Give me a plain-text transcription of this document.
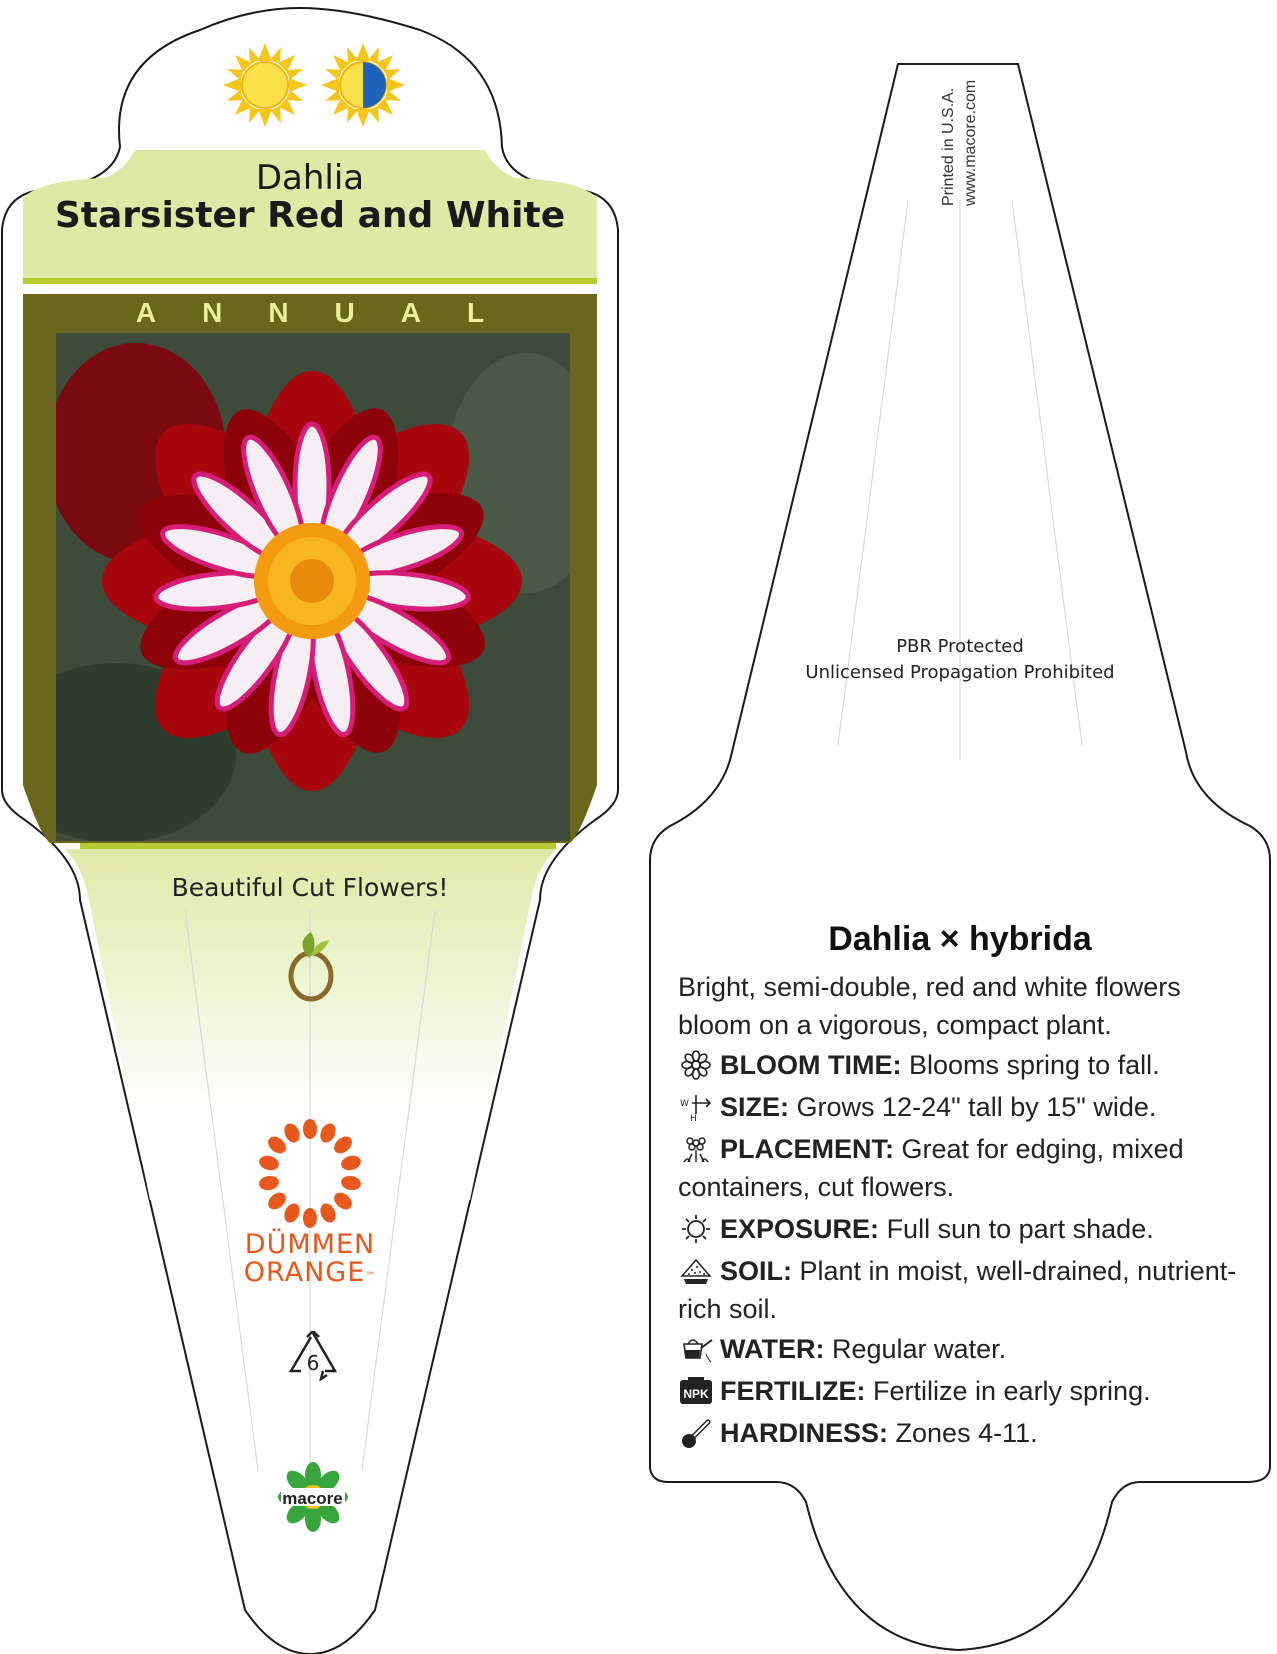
Dahlia
Starsister Red and White
ANNUAL
Beautiful Cut Flowers!
DÜMMEN
ORANGE™
6
macore
Printed in U.S.A. www.macore.com
PBR Protected
Unlicensed Propagation Prohibited
Dahlia × hybrida
Bright, semi-double, red and white flowers bloom on a vigorous, compact plant.
BLOOM TIME: Blooms spring to fall.
W
H SIZE: Grows 12-24" tall by 15" wide.
PLACEMENT: Great for edging, mixed containers, cut flowers.
EXPOSURE: Full sun to part shade.
SOIL: Plant in moist, well-drained, nutrient-rich soil.
WATER: Regular water.
NPK FERTILIZE: Fertilize in early spring.
HARDINESS: Zones 4-11.
